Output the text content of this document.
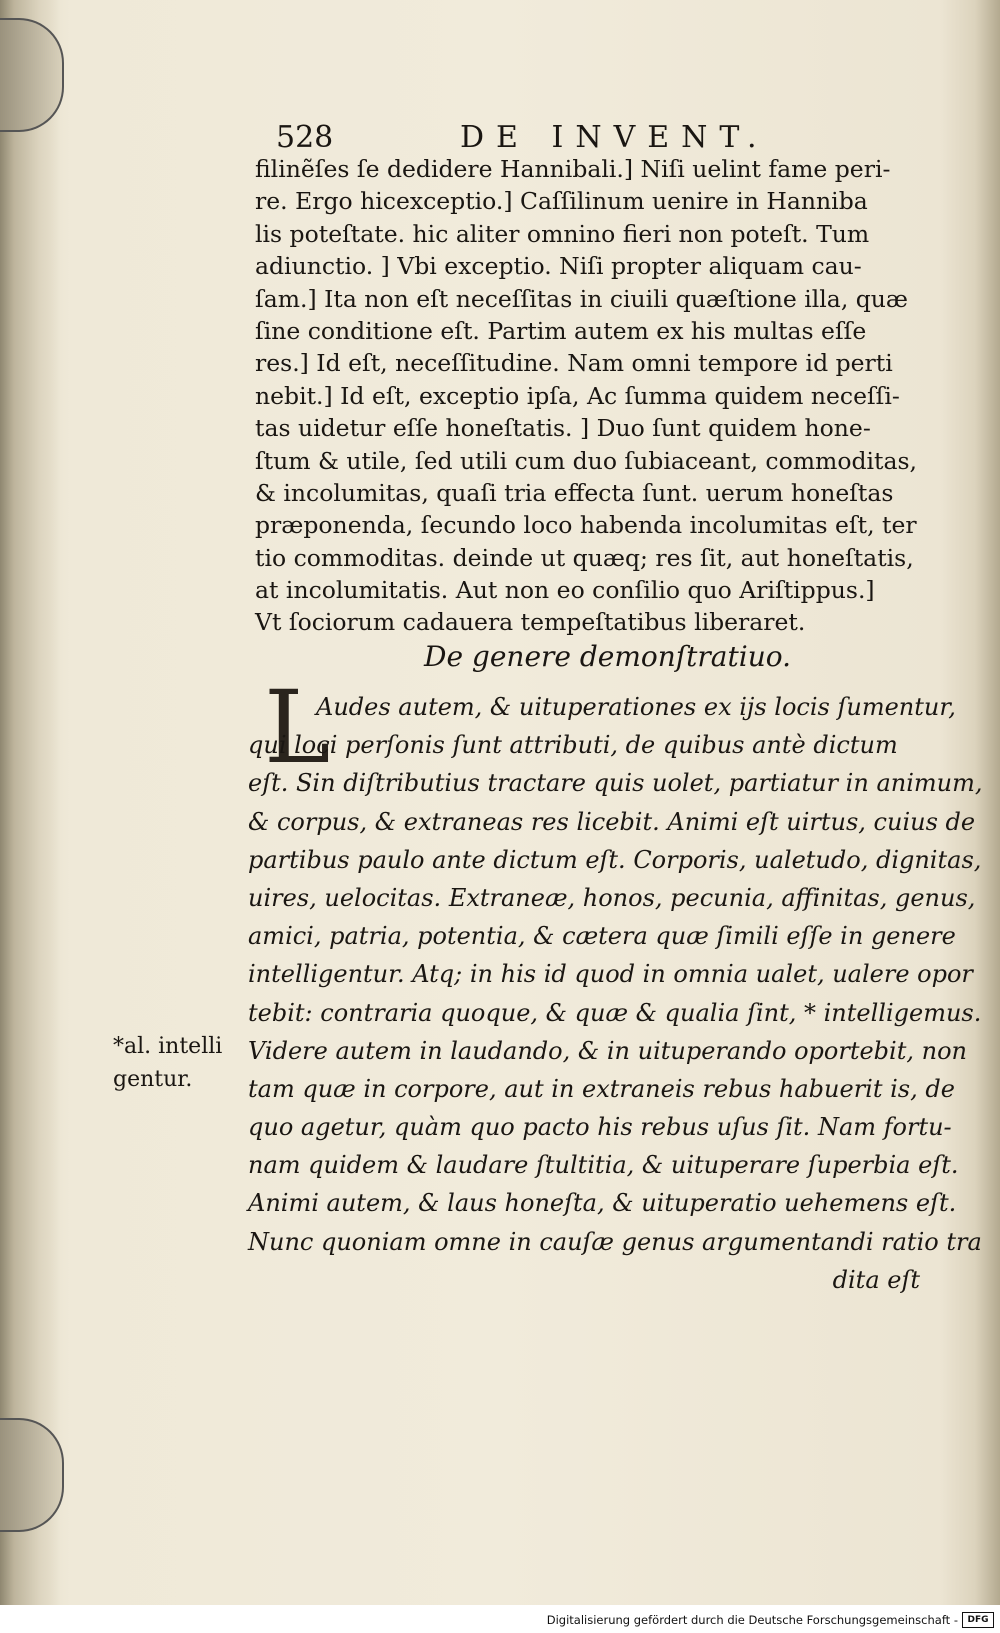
528	DE INVENT.
filinẽſes ſe dedidere Hannibali.] Niſi uelint fame peri-
re. Ergo hicexceptio.] Caſſilinum uenire in Hanniba
lis poteſtate. hic aliter omnino fieri non poteſt. Tum
adiunctio. ] Vbi exceptio. Niſi propter aliquam cau-
ſam.] Ita non eſt neceſſitas in ciuili quæſtione illa, quæ
ſine conditione eſt. Partim autem ex his multas eſſe
res.] Id eſt, neceſſitudine. Nam omni tempore id perti
nebit.] Id eſt, exceptio ipſa, Ac ſumma quidem neceſſi-
tas uidetur eſſe honeſtatis. ] Duo ſunt quidem hone-
ſtum & utile, ſed utili cum duo ſubiaceant, commoditas,
& incolumitas, quaſi tria effecta ſunt. uerum honeſtas
præponenda, ſecundo loco habenda incolumitas eſt, ter
tio commoditas. deinde ut quæq; res ſit, aut honeſtatis,
at incolumitatis. Aut non eo conſilio quo Ariſtippus.]
Vt ſociorum cadauera tempeſtatibus liberaret.
De genere demonſtratiuo.
L
Audes autem, & uituperationes ex ijs locis ſumentur,
qui loci perſonis ſunt attributi, de quibus antè dictum
eſt. Sin diſtributius tractare quis uolet, partiatur in animum,
& corpus, & extraneas res licebit. Animi eſt uirtus, cuius de
partibus paulo ante dictum eſt. Corporis, ualetudo, dignitas,
uires, uelocitas. Extraneæ, honos, pecunia, affinitas, genus,
amici, patria, potentia, & cætera quæ ſimili eſſe in genere
intelligentur. Atq; in his id quod in omnia ualet, ualere opor
tebit: contraria quoque, & quæ & qualia ſint, * intelligemus.
Videre autem in laudando, & in uituperando oportebit, non
tam quæ in corpore, aut in extraneis rebus habuerit is, de
quo agetur, quàm quo pacto his rebus uſus ſit. Nam fortu-
nam quidem & laudare ſtultitia, & uituperare ſuperbia eſt.
Animi autem, & laus honeſta, & uituperatio uehemens eſt.
Nunc quoniam omne in cauſæ genus argumentandi ratio tra
dita eſt
*al. intelli
gentur.
Digitalisierung gefördert durch die Deutsche Forschungsgemeinschaft -	DFG
